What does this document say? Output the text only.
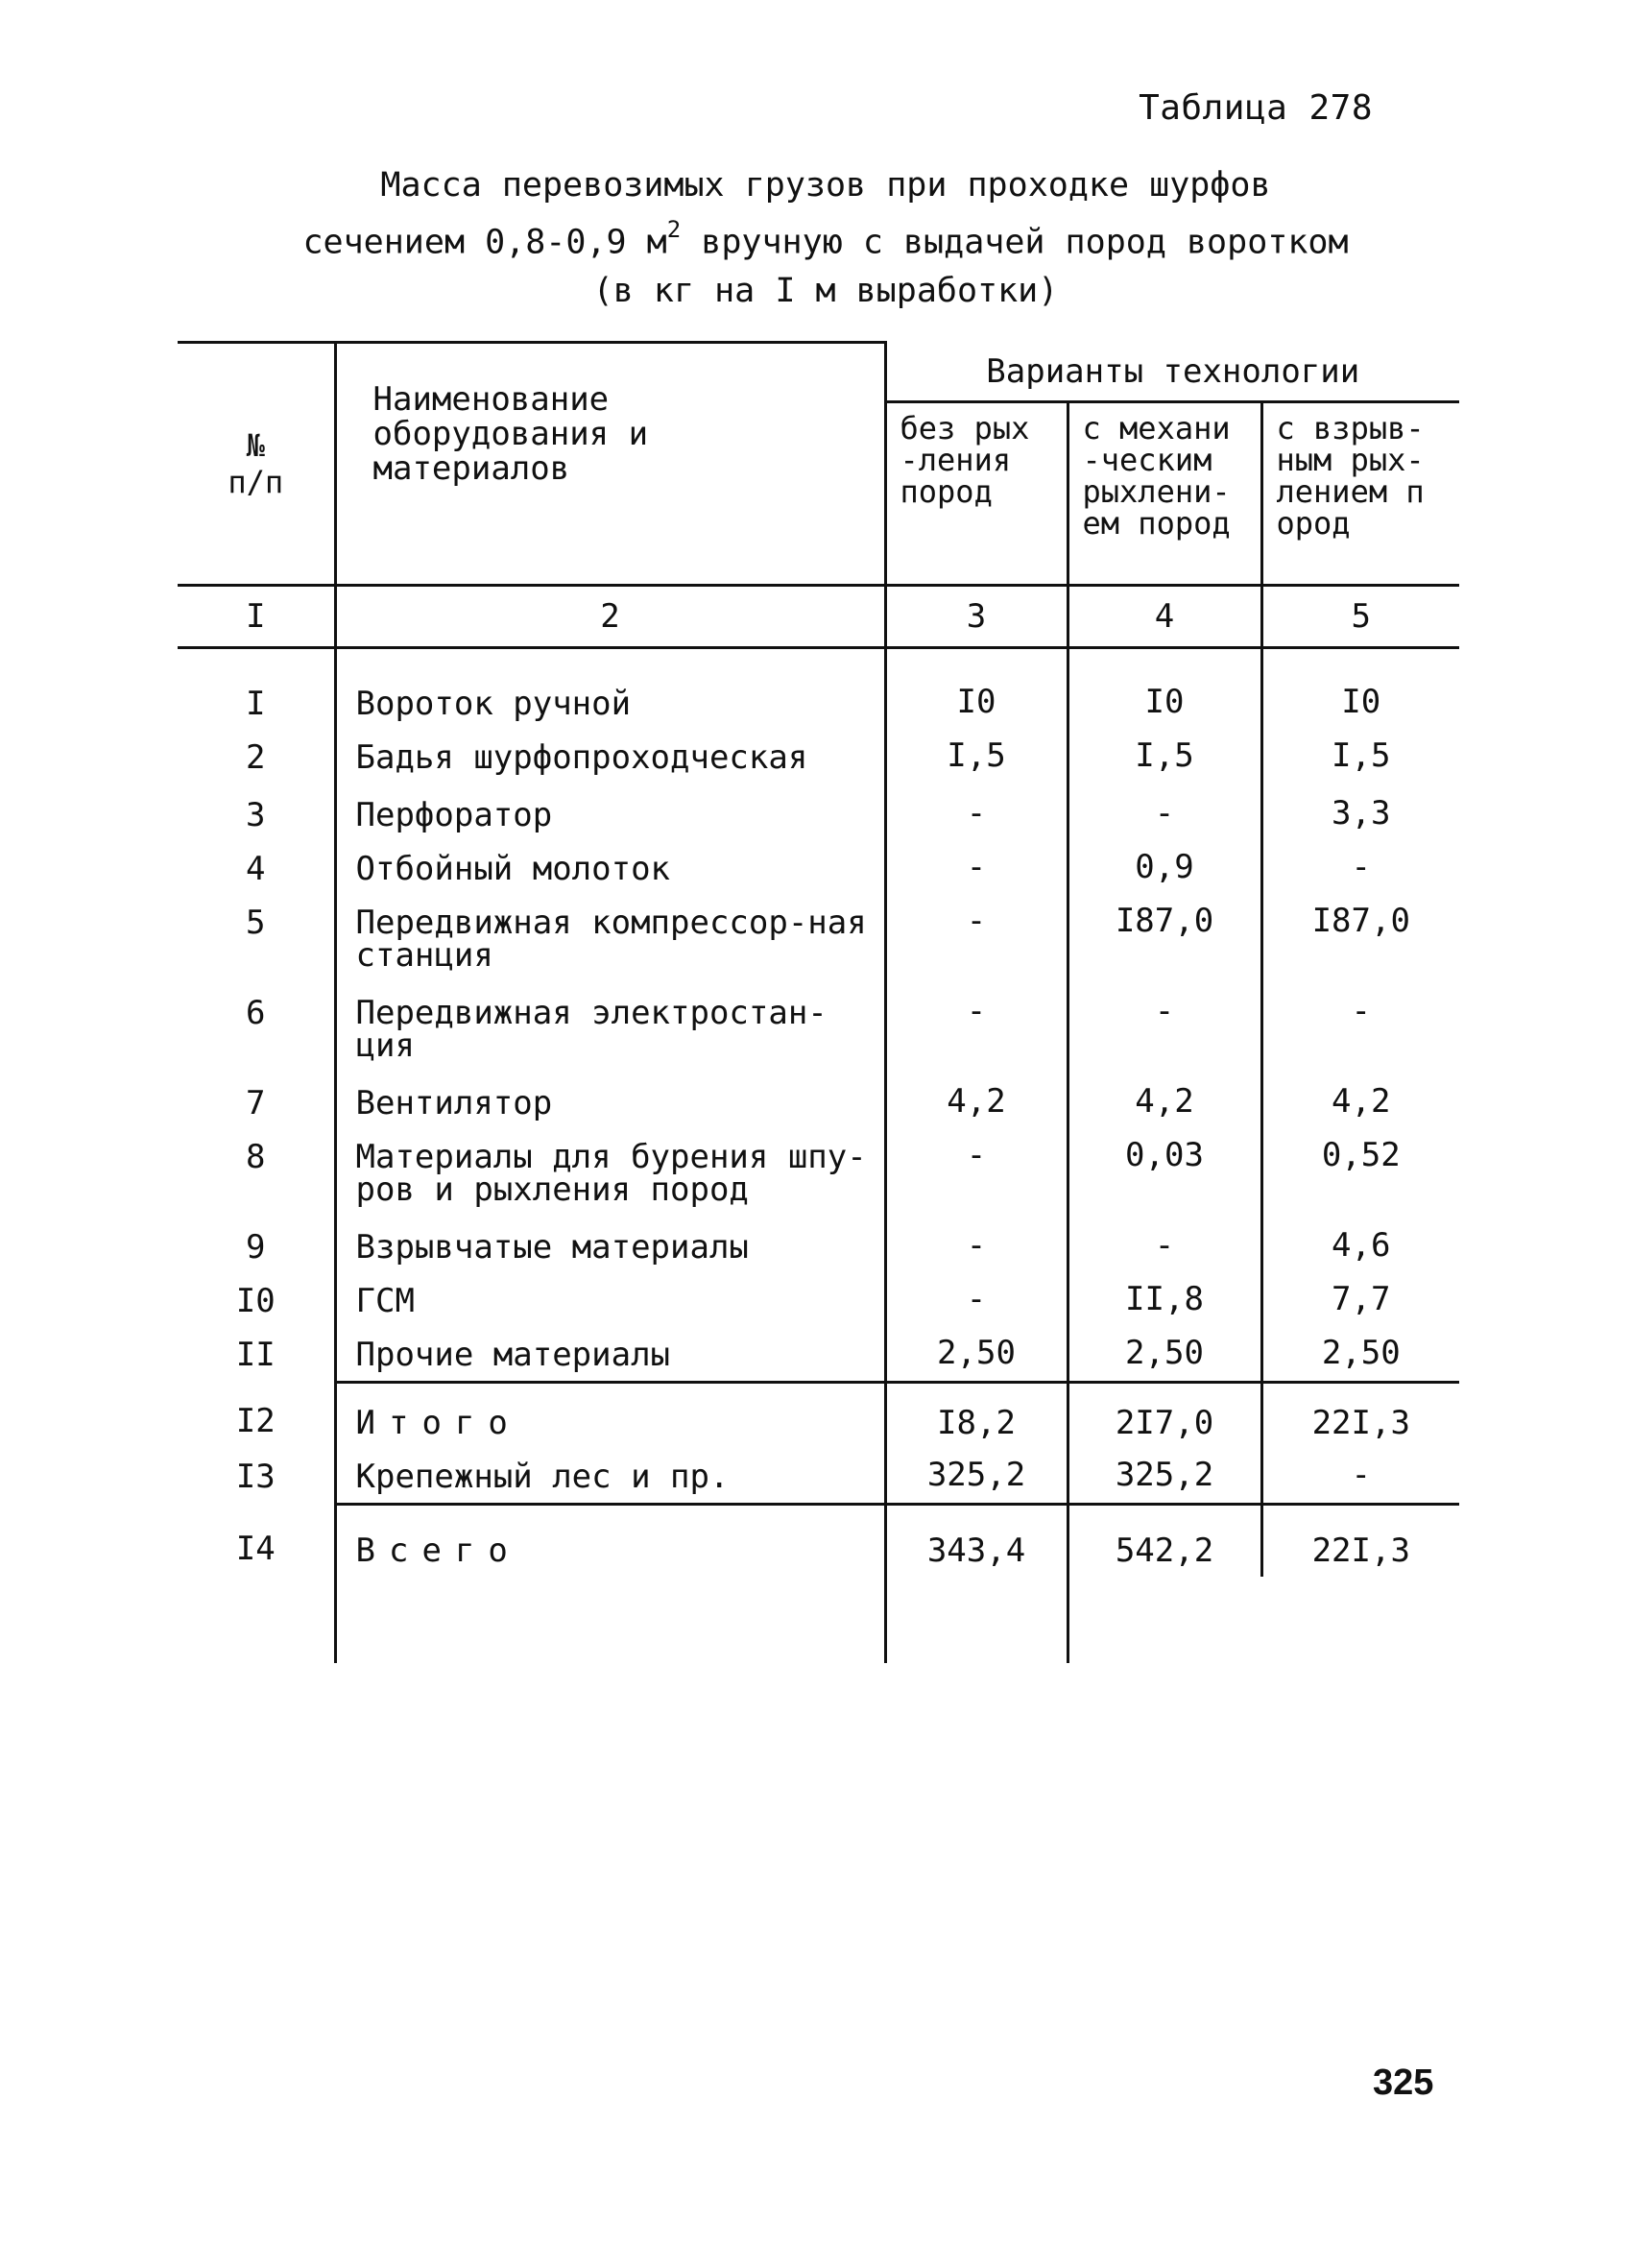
Таблица 278
Масса перевозимых грузов при проходке шурфов
сечением 0,8-0,9 $м^2$ вручную с выдачей пород воротком
(в кг на I м выработки)
№ п/п	Наименование оборудования и материалов	Варианты технологии		
		без рых-ления пород	с механи-ческим рыхлени-ем пород	с взрыв-ным рых-лением пород
I	2	3	4	5

I	Вороток ручной	I0	I0	I0
2	Бадья шурфопроходческая	I,5	I,5	I,5
3	Перфоратор	-	-	3,3
4	Отбойный молоток	-	0,9	-
5	Передвижная компрессор-ная станция	-	I87,0	I87,0
6	Передвижная электростан-ция	-	-	-
7	Вентилятор	4,2	4,2	4,2
8	Материалы для бурения шпу-ров и рыхления пород	-	0,03	0,52
9	Взрывчатые материалы	-	-	4,6
I0	ГСМ	-	II,8	7,7
II	Прочие материалы	2,50	2,50	2,50
I2	Итого	I8,2	2I7,0	22I,3
I3	Крепежный лес и пр.	325,2	325,2	-
I4	Всего	343,4	542,2	22I,3

325
